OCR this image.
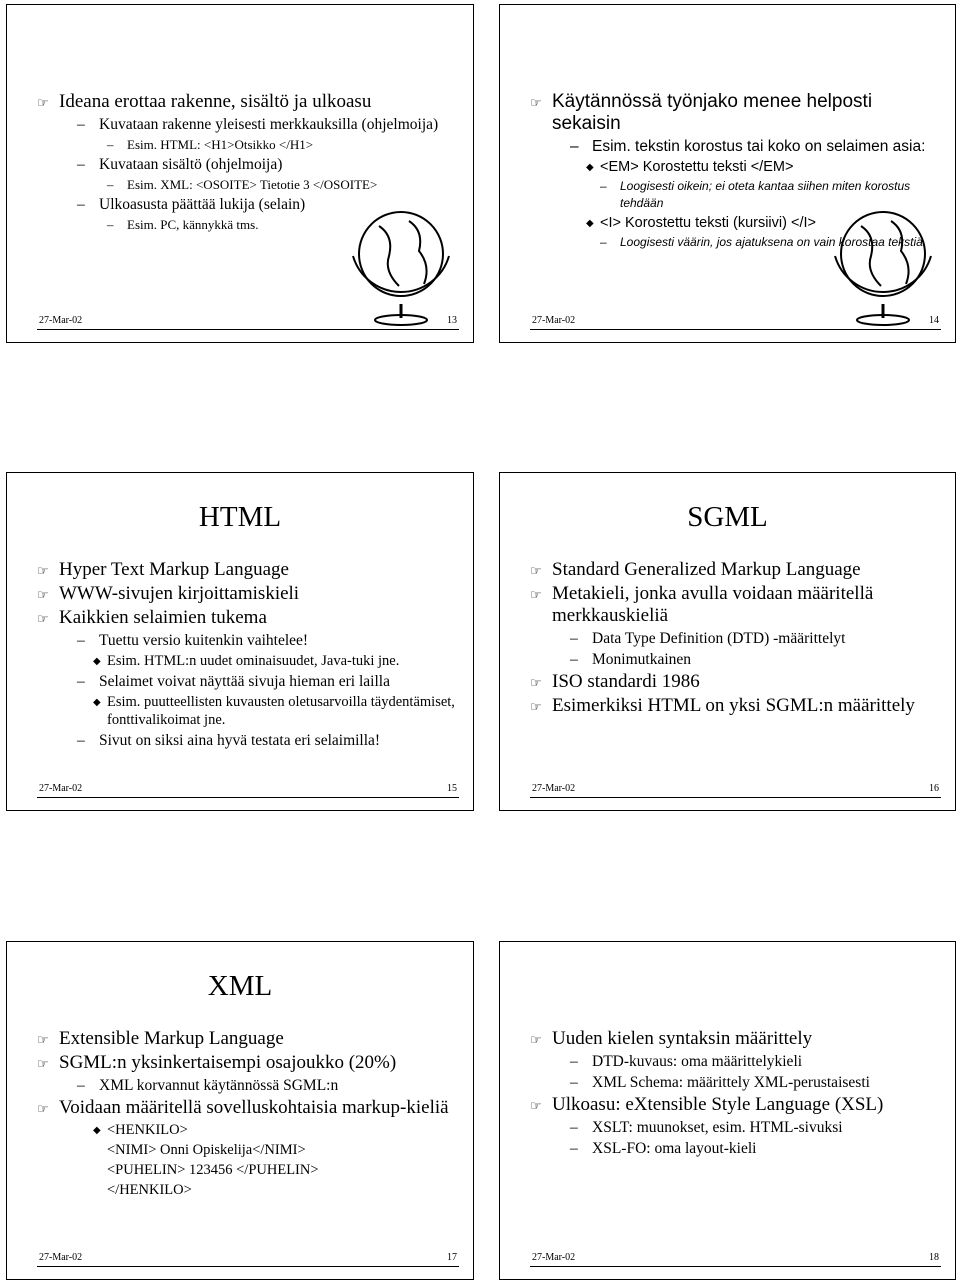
☞ Ideana erottaa rakenne, sisältö ja ulkoasu
– Kuvataan rakenne yleisesti merkkauksilla (ohjelmoija)
– Esim. HTML: <H1>Otsikko </H1>
– Kuvataan sisältö (ohjelmoija)
– Esim. XML: <OSOITE> Tietotie 3 </OSOITE>
– Ulkoasusta päättää lukija (selain)
– Esim. PC, kännykkä tms.
27-Mar-02	13
☞ Käytännössä työnjako menee helposti sekaisin
– Esim. tekstin korostus tai koko on selaimen asia:
◆ <EM> Korostettu teksti </EM>
– Loogisesti oikein; ei oteta kantaa siihen miten korostus tehdään
◆ <I> Korostettu teksti (kursiivi) </I>
– Loogisesti väärin, jos ajatuksena on vain korostaa tekstiä
27-Mar-02	14
HTML
☞ Hyper Text Markup Language
☞ WWW-sivujen kirjoittamiskieli
☞ Kaikkien selaimien tukema
– Tuettu versio kuitenkin vaihtelee!
◆ Esim. HTML:n uudet ominaisuudet, Java-tuki jne.
– Selaimet voivat näyttää sivuja hieman eri lailla
◆ Esim. puutteellisten kuvausten oletusarvoilla täydentämiset, fonttivalikoimat jne.
– Sivut on siksi aina hyvä testata eri selaimilla!
27-Mar-02	15
SGML
☞ Standard Generalized Markup Language
☞ Metakieli, jonka avulla voidaan määritellä merkkauskieliä
– Data Type Definition (DTD) -määrittelyt
– Monimutkainen
☞ ISO standardi 1986
☞ Esimerkiksi HTML on yksi SGML:n määrittely
27-Mar-02	16
XML
☞ Extensible Markup Language
☞ SGML:n yksinkertaisempi osajoukko (20%)
– XML korvannut käytännössä SGML:n
☞ Voidaan määritellä sovelluskohtaisia markup-kieliä
◆ <HENKILO>
<NIMI> Onni Opiskelija</NIMI>
<PUHELIN> 123456 </PUHELIN>
</HENKILO>
27-Mar-02	17
☞ Uuden kielen syntaksin määrittely
– DTD-kuvaus: oma määrittelykieli
– XML Schema: määrittely XML-perustaisesti
☞ Ulkoasu: eXtensible Style Language (XSL)
– XSLT: muunokset, esim. HTML-sivuksi
– XSL-FO: oma layout-kieli
27-Mar-02	18
